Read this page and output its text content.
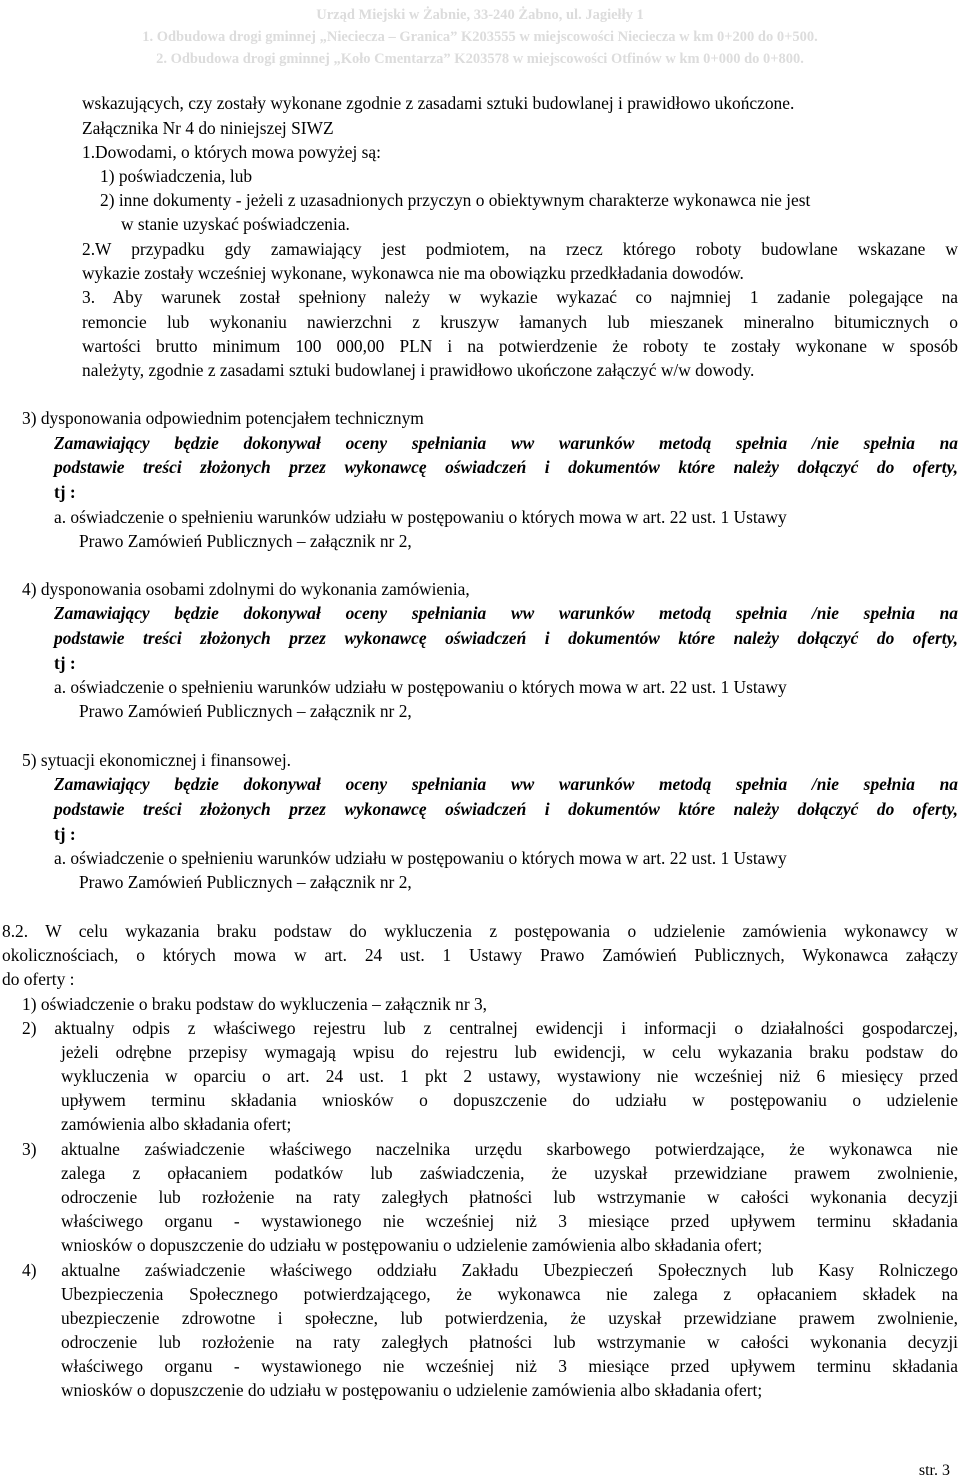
Urząd Miejski w Żabnie, 33-240 Żabno, ul. Jagiełły 1
1. Odbudowa drogi gminnej „Nieciecza – Granica” K203555 w miejscowości Nieciecza w km 0+200 do 0+500.
2. Odbudowa drogi gminnej „Koło Cmentarza” K203578 w miejscowości Otfinów w km 0+000 do 0+800.
wskazujących, czy zostały wykonane zgodnie z zasadami sztuki budowlanej i prawidłowo ukończone.
Załącznika Nr 4 do niniejszej SIWZ
1.Dowodami, o których mowa powyżej są:
1) poświadczenia, lub
2) inne dokumenty - jeżeli z uzasadnionych przyczyn o obiektywnym charakterze wykonawca nie jest
w stanie uzyskać poświadczenia.
2.W przypadku gdy zamawiający jest podmiotem, na rzecz którego roboty budowlane wskazane w
wykazie zostały wcześniej wykonane, wykonawca nie ma obowiązku przedkładania dowodów.
3. Aby warunek został spełniony należy w wykazie wykazać co najmniej 1 zadanie polegające na
remoncie lub wykonaniu nawierzchni z kruszyw łamanych lub mieszanek mineralno bitumicznych o
wartości brutto minimum 100 000,00 PLN i na potwierdzenie że roboty te zostały wykonane w sposób
należyty, zgodnie z zasadami sztuki budowlanej i prawidłowo ukończone załączyć w/w dowody.
3) dysponowania odpowiednim potencjałem technicznym
Zamawiający będzie dokonywał oceny spełniania ww warunków metodą spełnia /nie spełnia na
podstawie treści złożonych przez wykonawcę oświadczeń i dokumentów które należy dołączyć do oferty,
tj :
a. oświadczenie o spełnieniu warunków udziału w postępowaniu o których mowa w art. 22 ust. 1 Ustawy
Prawo Zamówień Publicznych – załącznik nr 2,
4) dysponowania osobami zdolnymi do wykonania zamówienia,
Zamawiający będzie dokonywał oceny spełniania ww warunków metodą spełnia /nie spełnia na
podstawie treści złożonych przez wykonawcę oświadczeń i dokumentów które należy dołączyć do oferty,
tj :
a. oświadczenie o spełnieniu warunków udziału w postępowaniu o których mowa w art. 22 ust. 1 Ustawy
Prawo Zamówień Publicznych – załącznik nr 2,
5) sytuacji ekonomicznej i finansowej.
Zamawiający będzie dokonywał oceny spełniania ww warunków metodą spełnia /nie spełnia na
podstawie treści złożonych przez wykonawcę oświadczeń i dokumentów które należy dołączyć do oferty,
tj :
a. oświadczenie o spełnieniu warunków udziału w postępowaniu o których mowa w art. 22 ust. 1 Ustawy
Prawo Zamówień Publicznych – załącznik nr 2,
8.2. W celu wykazania braku podstaw do wykluczenia z postępowania o udzielenie zamówienia wykonawcy w
okolicznościach, o których mowa w art. 24 ust. 1 Ustawy Prawo Zamówień Publicznych, Wykonawca załączy
do oferty :
1) oświadczenie o braku podstaw do wykluczenia – załącznik nr 3,
2) aktualny odpis z właściwego rejestru lub z centralnej ewidencji i informacji o działalności gospodarczej,
jeżeli odrębne przepisy wymagają wpisu do rejestru lub ewidencji, w celu wykazania braku podstaw do
wykluczenia w oparciu o art. 24 ust. 1 pkt 2 ustawy, wystawiony nie wcześniej niż 6 miesięcy przed
upływem terminu składania wniosków o dopuszczenie do udziału w postępowaniu o udzielenie
zamówienia albo składania ofert;
3) aktualne zaświadczenie właściwego naczelnika urzędu skarbowego potwierdzające, że wykonawca nie
zalega z opłacaniem podatków lub zaświadczenia, że uzyskał przewidziane prawem zwolnienie,
odroczenie lub rozłożenie na raty zaległych płatności lub wstrzymanie w całości wykonania decyzji
właściwego organu - wystawionego nie wcześniej niż 3 miesiące przed upływem terminu składania
wniosków o dopuszczenie do udziału w postępowaniu o udzielenie zamówienia albo składania ofert;
4) aktualne zaświadczenie właściwego oddziału Zakładu Ubezpieczeń Społecznych lub Kasy Rolniczego
Ubezpieczenia Społecznego potwierdzającego, że wykonawca nie zalega z opłacaniem składek na
ubezpieczenie zdrowotne i społeczne, lub potwierdzenia, że uzyskał przewidziane prawem zwolnienie,
odroczenie lub rozłożenie na raty zaległych płatności lub wstrzymanie w całości wykonania decyzji
właściwego organu - wystawionego nie wcześniej niż 3 miesiące przed upływem terminu składania
wniosków o dopuszczenie do udziału w postępowaniu o udzielenie zamówienia albo składania ofert;
str. 3
